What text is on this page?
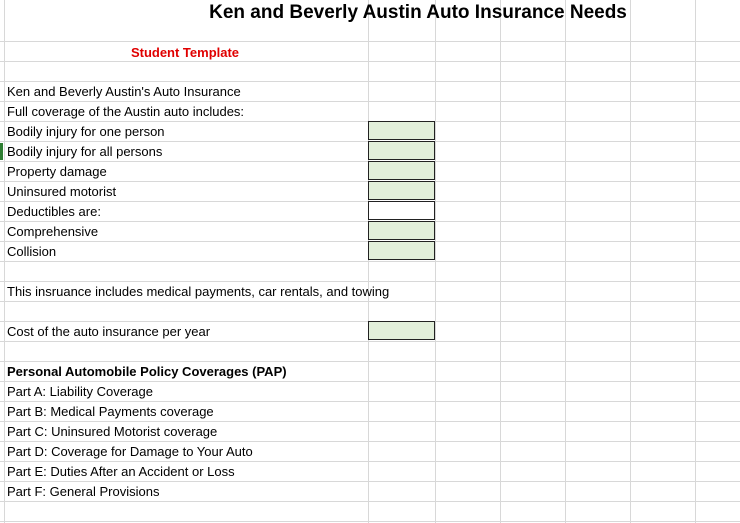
Ken and Beverly Austin Auto Insurance Needs
Student Template
Ken and Beverly Austin's Auto Insurance
Full coverage of the Austin auto includes:
Bodily injury for one person
Bodily injury for all persons
Property damage
Uninsured motorist
Deductibles are:
Comprehensive
Collision
This insruance includes medical payments, car rentals, and towing
Cost of the auto insurance per year
Personal Automobile Policy Coverages (PAP)
Part A: Liability Coverage
Part B: Medical Payments coverage
Part C: Uninsured Motorist coverage
Part D: Coverage for Damage to Your Auto
Part E: Duties After an Accident or Loss
Part F: General Provisions
